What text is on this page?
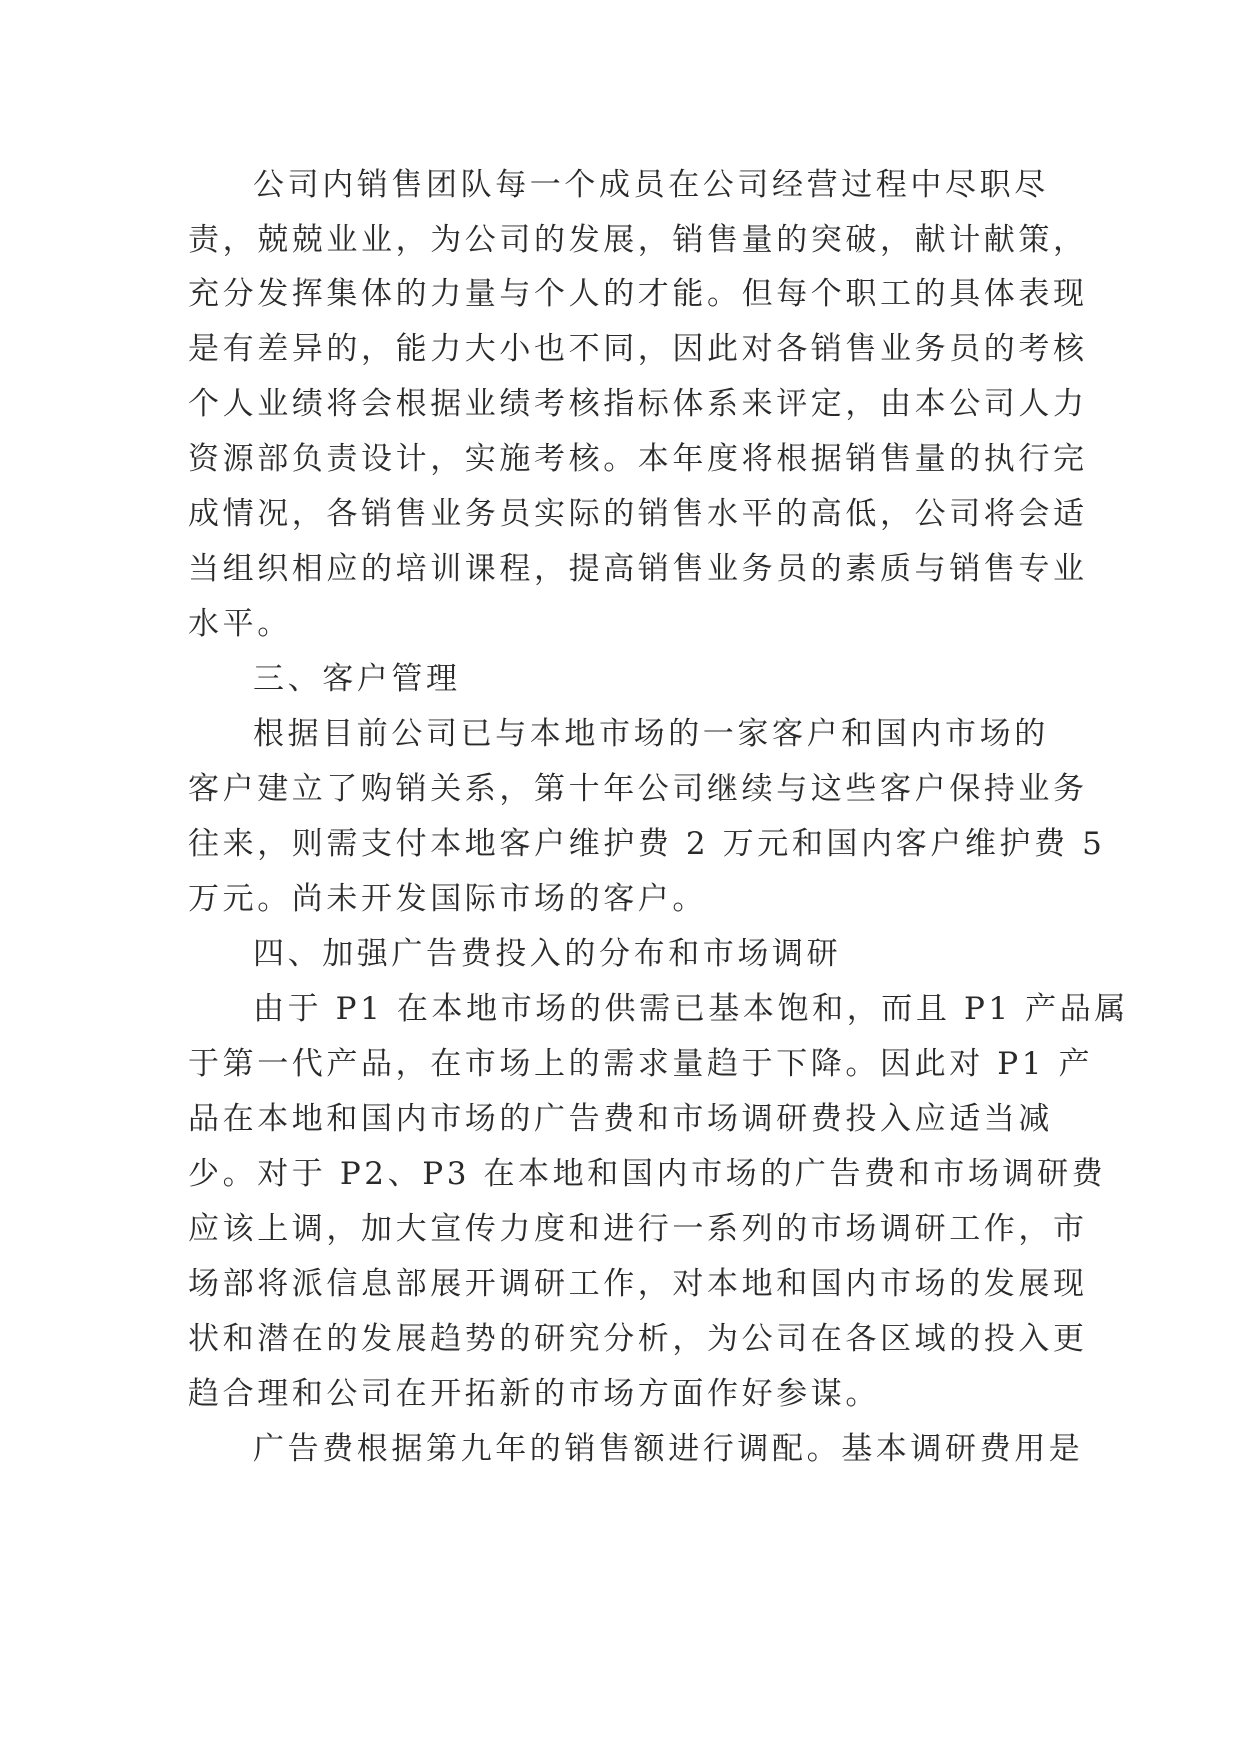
公司内销售团队每一个成员在公司经营过程中尽职尽
责，兢兢业业，为公司的发展，销售量的突破，献计献策，
充分发挥集体的力量与个人的才能。但每个职工的具体表现
是有差异的，能力大小也不同，因此对各销售业务员的考核
个人业绩将会根据业绩考核指标体系来评定，由本公司人力
资源部负责设计，实施考核。本年度将根据销售量的执行完
成情况，各销售业务员实际的销售水平的高低，公司将会适
当组织相应的培训课程，提高销售业务员的素质与销售专业
水平。
三、客户管理
根据目前公司已与本地市场的一家客户和国内市场的
客户建立了购销关系，第十年公司继续与这些客户保持业务
往来，则需支付本地客户维护费 2 万元和国内客户维护费 5
万元。尚未开发国际市场的客户。
四、加强广告费投入的分布和市场调研
由于 P1 在本地市场的供需已基本饱和，而且 P1 产品属
于第一代产品，在市场上的需求量趋于下降。因此对 P1 产
品在本地和国内市场的广告费和市场调研费投入应适当减
少。对于 P2、P3 在本地和国内市场的广告费和市场调研费
应该上调，加大宣传力度和进行一系列的市场调研工作，市
场部将派信息部展开调研工作，对本地和国内市场的发展现
状和潜在的发展趋势的研究分析，为公司在各区域的投入更
趋合理和公司在开拓新的市场方面作好参谋。
广告费根据第九年的销售额进行调配。基本调研费用是
